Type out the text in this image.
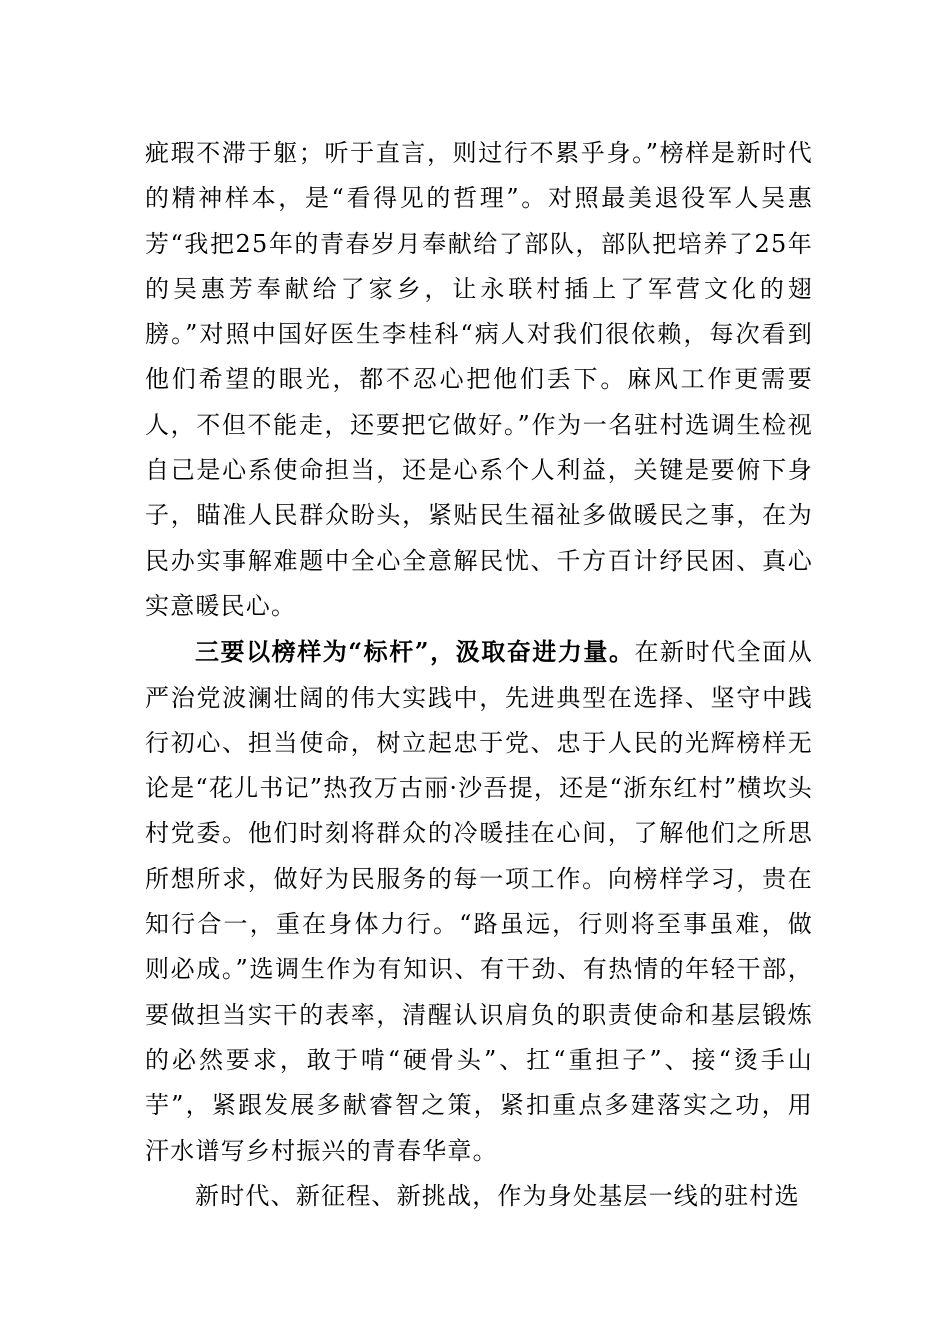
疵瑕不滞于躯；听于直言，则过行不累乎身。”榜样是新时代的精神样本，是“看得见的哲理”。对照最美退役军人吴惠芳“我把25年的青春岁月奉献给了部队，部队把培养了25年的吴惠芳奉献给了家乡，让永联村插上了军营文化的翅膀。”对照中国好医生李桂科“病人对我们很依赖，每次看到他们希望的眼光，都不忍心把他们丢下。麻风工作更需要人，不但不能走，还要把它做好。”作为一名驻村选调生检视自己是心系使命担当，还是心系个人利益，关键是要俯下身子，瞄准人民群众盼头，紧贴民生福祉多做暖民之事，在为民办实事解难题中全心全意解民忧、千方百计纾民困、真心实意暖民心。

三要以榜样为“标杆”，汲取奋进力量。在新时代全面从严治党波澜壮阔的伟大实践中，先进典型在选择、坚守中践行初心、担当使命，树立起忠于党、忠于人民的光辉榜样无论是“花儿书记”热孜万古丽·沙吾提，还是“浙东红村”横坎头村党委。他们时刻将群众的冷暖挂在心间，了解他们之所思所想所求，做好为民服务的每一项工作。向榜样学习，贵在知行合一，重在身体力行。“路虽远，行则将至事虽难，做则必成。”选调生作为有知识、有干劲、有热情的年轻干部，要做担当实干的表率，清醒认识肩负的职责使命和基层锻炼的必然要求，敢于啃“硬骨头”、扛“重担子”、接“烫手山芋”，紧跟发展多献睿智之策，紧扣重点多建落实之功，用汗水谱写乡村振兴的青春华章。

新时代、新征程、新挑战，作为身处基层一线的驻村选
